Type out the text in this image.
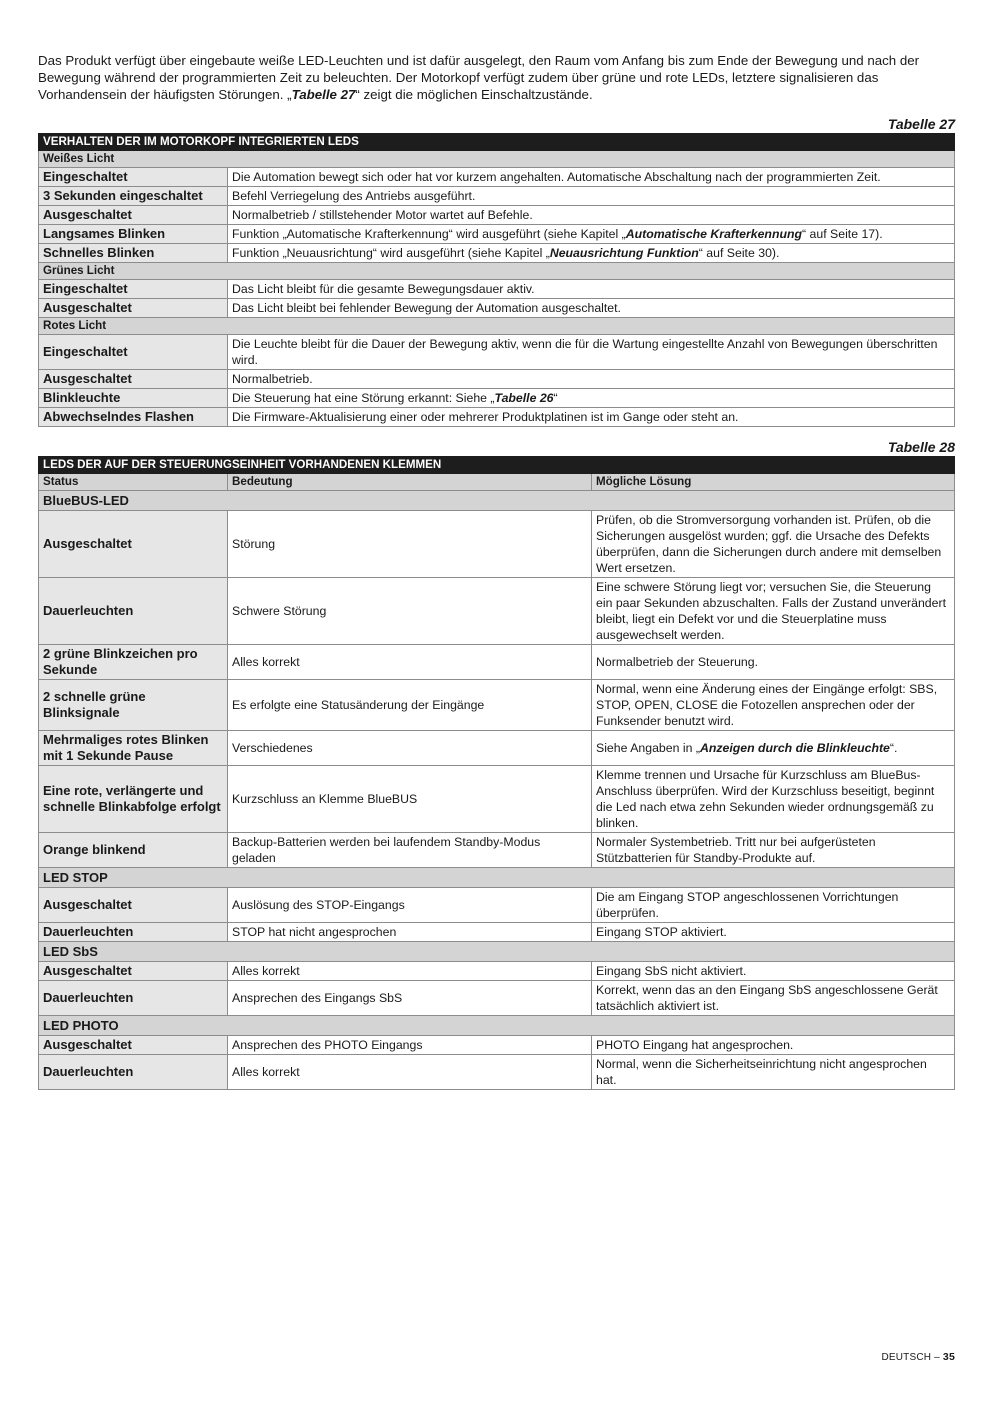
Das Produkt verfügt über eingebaute weiße LED-Leuchten und ist dafür ausgelegt, den Raum vom Anfang bis zum Ende der Bewegung und nach der Bewegung während der programmierten Zeit zu beleuchten. Der Motorkopf verfügt zudem über grüne und rote LEDs, letztere signalisieren das Vorhandensein der häufigsten Störungen. „Tabelle 27“ zeigt die möglichen Einschaltzustände.

Tabelle 27

VERHALTEN DER IM MOTORKOPF INTEGRIERTEN LEDS	
Weißes Licht	
Eingeschaltet	Die Automation bewegt sich oder hat vor kurzem angehalten. Automatische Abschaltung nach der programmierten Zeit.
3 Sekunden eingeschaltet	Befehl Verriegelung des Antriebs ausgeführt.
Ausgeschaltet	Normalbetrieb / stillstehender Motor wartet auf Befehle.
Langsames Blinken	Funktion „Automatische Krafterkennung“ wird ausgeführt (siehe Kapitel „Automatische Krafterkennung“ auf Seite 17).
Schnelles Blinken	Funktion „Neuausrichtung“ wird ausgeführt (siehe Kapitel „Neuausrichtung Funktion“ auf Seite 30).
Grünes Licht	
Eingeschaltet	Das Licht bleibt für die gesamte Bewegungsdauer aktiv.
Ausgeschaltet	Das Licht bleibt bei fehlender Bewegung der Automation ausgeschaltet.
Rotes Licht	
Eingeschaltet	Die Leuchte bleibt für die Dauer der Bewegung aktiv, wenn die für die Wartung eingestellte Anzahl von Bewegungen überschritten wird.
Ausgeschaltet	Normalbetrieb.
Blinkleuchte	Die Steuerung hat eine Störung erkannt: Siehe „Tabelle 26“
Abwechselndes Flashen	Die Firmware-Aktualisierung einer oder mehrerer Produktplatinen ist im Gange oder steht an.

Tabelle 28

LEDS DER AUF DER STEUERUNGSEINHEIT VORHANDENEN KLEMMEN		
Status	Bedeutung	Mögliche Lösung
BlueBUS-LED		
Ausgeschaltet	Störung	Prüfen, ob die Stromversorgung vorhanden ist. Prüfen, ob die Sicherungen ausgelöst wurden; ggf. die Ursache des Defekts überprüfen, dann die Sicherungen durch andere mit demselben Wert ersetzen.
Dauerleuchten	Schwere Störung	Eine schwere Störung liegt vor; versuchen Sie, die Steuerung ein paar Sekunden abzuschalten. Falls der Zustand unverändert bleibt, liegt ein Defekt vor und die Steuerplatine muss ausgewechselt werden.
2 grüne Blinkzeichen pro Sekunde	Alles korrekt	Normalbetrieb der Steuerung.
2 schnelle grüne Blinksignale	Es erfolgte eine Statusänderung der Eingänge	Normal, wenn eine Änderung eines der Eingänge erfolgt: SBS, STOP, OPEN, CLOSE die Fotozellen ansprechen oder der Funksender benutzt wird.
Mehrmaliges rotes Blinken mit 1 Sekunde Pause	Verschiedenes	Siehe Angaben in „Anzeigen durch die Blinkleuchte“.
Eine rote, verlängerte und schnelle Blinkabfolge erfolgt	Kurzschluss an Klemme BlueBUS	Klemme trennen und Ursache für Kurzschluss am BlueBus-Anschluss überprüfen. Wird der Kurzschluss beseitigt, beginnt die Led nach etwa zehn Sekunden wieder ordnungsgemäß zu blinken.
Orange blinkend	Backup-Batterien werden bei laufendem Standby-Modus geladen	Normaler Systembetrieb. Tritt nur bei aufgerüsteten Stützbatterien für Standby-Produkte auf.
LED STOP		
Ausgeschaltet	Auslösung des STOP-Eingangs	Die am Eingang STOP angeschlossenen Vorrichtungen überprüfen.
Dauerleuchten	STOP hat nicht angesprochen	Eingang STOP aktiviert.
LED SbS		
Ausgeschaltet	Alles korrekt	Eingang SbS nicht aktiviert.
Dauerleuchten	Ansprechen des Eingangs SbS	Korrekt, wenn das an den Eingang SbS angeschlossene Gerät tatsächlich aktiviert ist.
LED PHOTO		
Ausgeschaltet	Ansprechen des PHOTO Eingangs	PHOTO Eingang hat angesprochen.
Dauerleuchten	Alles korrekt	Normal, wenn die Sicherheitseinrichtung nicht angesprochen hat.
DEUTSCH – 35
